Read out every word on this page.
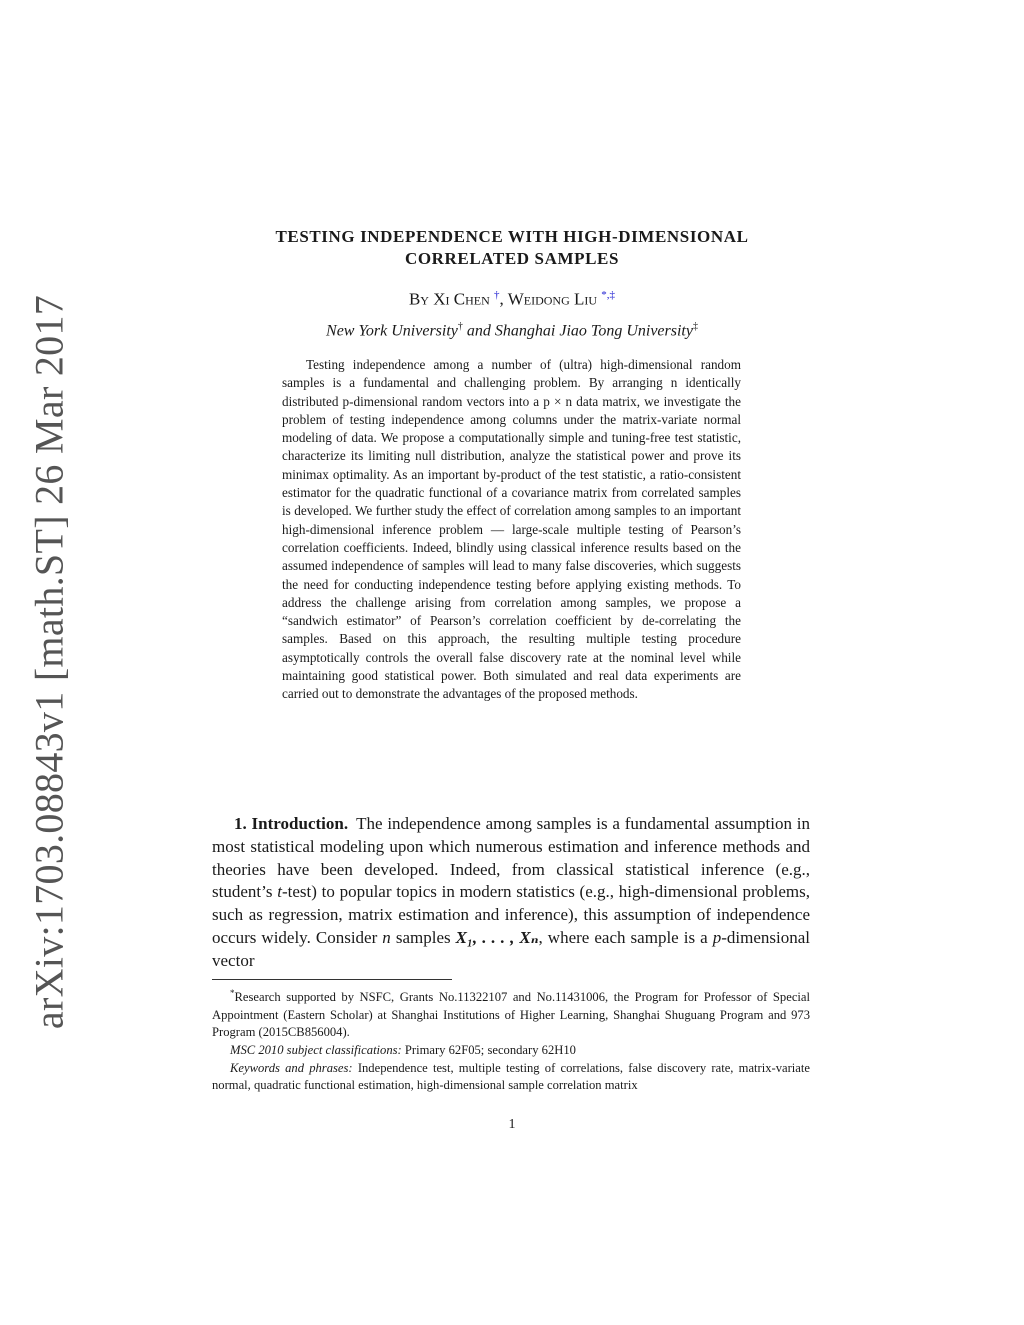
arXiv:1703.08843v1 [math.ST] 26 Mar 2017
TESTING INDEPENDENCE WITH HIGH-DIMENSIONAL
CORRELATED SAMPLES
By Xi Chen †, Weidong Liu *,‡
New York University† and Shanghai Jiao Tong University‡

Testing independence among a number of (ultra) high-dimensional random samples is a fundamental and challenging problem. By arranging n identically distributed p-dimensional random vectors into a p × n data matrix, we investigate the problem of testing independence among columns under the matrix-variate normal modeling of data. We propose a computationally simple and tuning-free test statistic, characterize its limiting null distribution, analyze the statistical power and prove its minimax optimality. As an important by-product of the test statistic, a ratio-consistent estimator for the quadratic functional of a covariance matrix from correlated samples is developed. We further study the effect of correlation among samples to an important high-dimensional inference problem — large-scale multiple testing of Pearson’s correlation coefficients. Indeed, blindly using classical inference results based on the assumed independence of samples will lead to many false discoveries, which suggests the need for conducting independence testing before applying existing methods. To address the challenge arising from correlation among samples, we propose a “sandwich estimator” of Pearson’s correlation coefficient by de-correlating the samples. Based on this approach, the resulting multiple testing procedure asymptotically controls the overall false discovery rate at the nominal level while maintaining good statistical power. Both simulated and real data experiments are carried out to demonstrate the advantages of the proposed methods.

1. Introduction. The independence among samples is a fundamental assumption in most statistical modeling upon which numerous estimation and inference methods and theories have been developed. Indeed, from classical statistical inference (e.g., student’s t-test) to popular topics in modern statistics (e.g., high-dimensional problems, such as regression, matrix estimation and inference), this assumption of independence occurs widely. Consider n samples X₁, . . . , Xₙ, where each sample is a p-dimensional vector

*Research supported by NSFC, Grants No.11322107 and No.11431006, the Program for Professor of Special Appointment (Eastern Scholar) at Shanghai Institutions of Higher Learning, Shanghai Shuguang Program and 973 Program (2015CB856004).

MSC 2010 subject classifications: Primary 62F05; secondary 62H10

Keywords and phrases: Independence test, multiple testing of correlations, false discovery rate, matrix-variate normal, quadratic functional estimation, high-dimensional sample correlation matrix

1
